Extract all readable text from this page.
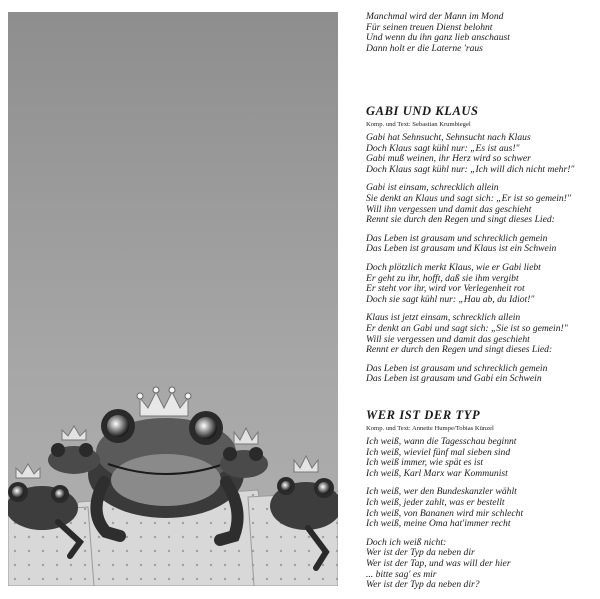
Manchmal wird der Mann im Mond
Für seinen treuen Dienst belohnt
Und wenn du ihn ganz lieb anschaust
Dann holt er die Laterne 'raus
GABI UND KLAUS
Komp. und Text: Sebastian Krumbiegel
Gabi hat Sehnsucht, Sehnsucht nach Klaus
Doch Klaus sagt kühl nur: „Es ist aus!"
Gabi muß weinen, ihr Herz wird so schwer
Doch Klaus sagt kühl nur: „Ich will dich nicht mehr!"
Gabi ist einsam, schrecklich allein
Sie denkt an Klaus und sagt sich: „Er ist so gemein!"
Will ihn vergessen und damit das geschieht
Rennt sie durch den Regen und singt dieses Lied:
Das Leben ist grausam und schrecklich gemein
Das Leben ist grausam und Klaus ist ein Schwein
Doch plötzlich merkt Klaus, wie er Gabi liebt
Er geht zu ihr, hofft, daß sie ihm vergibt
Er steht vor ihr, wird vor Verlegenheit rot
Doch sie sagt kühl nur: „Hau ab, du Idiot!"
Klaus ist jetzt einsam, schrecklich allein
Er denkt an Gabi und sagt sich: „Sie ist so gemein!"
Will sie vergessen und damit das geschieht
Rennt er durch den Regen und singt dieses Lied:
Das Leben ist grausam und schrecklich gemein
Das Leben ist grausam und Gabi ein Schwein
WER IST DER TYP
Komp. und Text: Annette Humpe/Tobias Künzel
Ich weiß, wann die Tagesschau beginnt
Ich weiß, wieviel fünf mal sieben sind
Ich weiß immer, wie spät es ist
Ich weiß, Karl Marx war Kommunist
Ich weiß, wer den Bundeskanzler wählt
Ich weiß, jeder zahlt, was er bestellt
Ich weiß, von Bananen wird mir schlecht
Ich weiß, meine Oma hat'immer recht
Doch ich weiß nicht:
Wer ist der Typ da neben dir
Wer ist der Tap, und was will der hier
... bitte sag' es mir
Wer ist der Typ da neben dir?
